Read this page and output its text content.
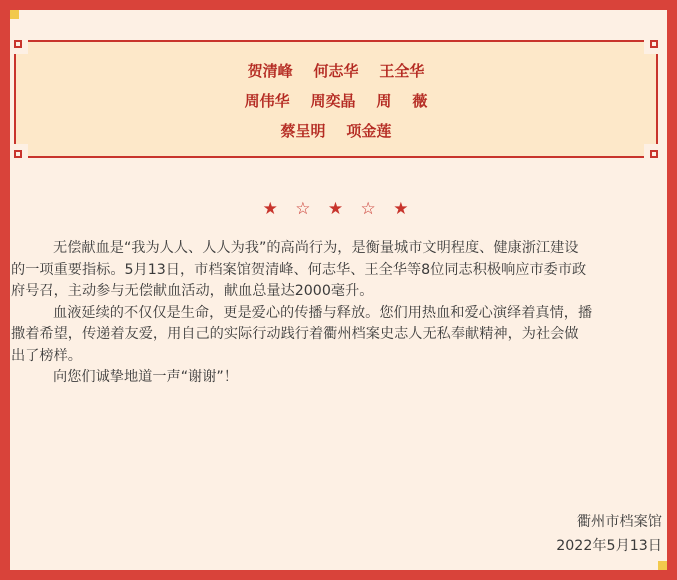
贺清峰    何志华    王全华
周伟华    周奕晶    周    薇
蔡呈明    项金莲
★ ☆ ★ ☆ ★

无偿献血是“我为人人、人人为我”的高尚行为，是衡量城市文明程度、健康浙江建设
的一项重要指标。5月13日，市档案馆贺清峰、何志华、王全华等8位同志积极响应市委市政
府号召，主动参与无偿献血活动，献血总量达2000毫升。

血液延续的不仅仅是生命，更是爱心的传播与释放。您们用热血和爱心演绎着真情，播
撒着希望，传递着友爱，用自己的实际行动践行着衢州档案史志人无私奉献精神，为社会做
出了榜样。

向您们诚挚地道一声“谢谢”！

衢州市档案馆
2022年5月13日
